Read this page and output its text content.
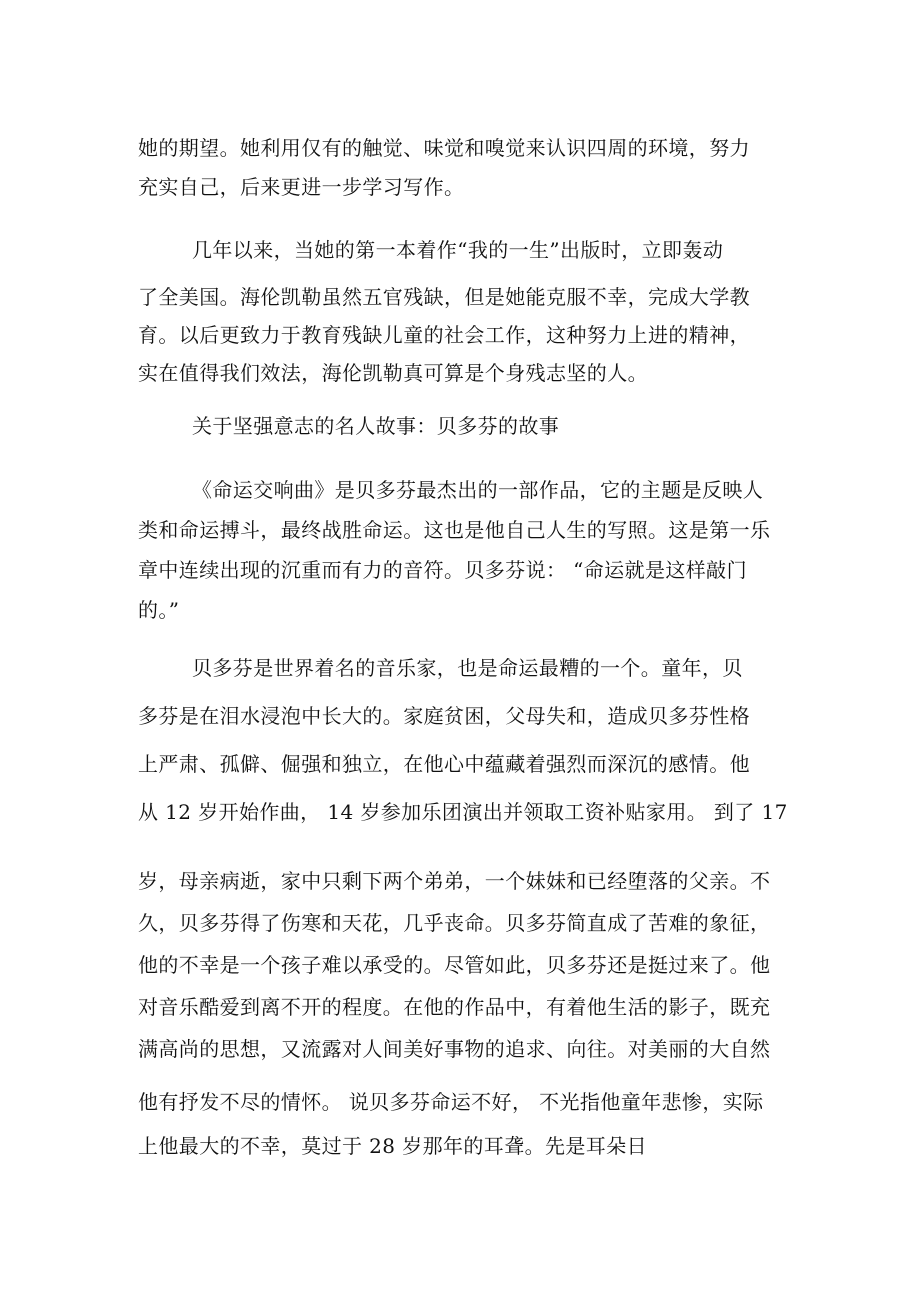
她的期望。她利用仅有的触觉、味觉和嗅觉来认识四周的环境，努力
充实自己，后来更进一步学习写作。
几年以来，当她的第一本着作“我的一生”出版时，立即轰动
了全美国。海伦凯勒虽然五官残缺，但是她能克服不幸，完成大学教
育。以后更致力于教育残缺儿童的社会工作，这种努力上进的精神，
实在值得我们效法，海伦凯勒真可算是个身残志坚的人。
关于坚强意志的名人故事：贝多芬的故事
《命运交响曲》是贝多芬最杰出的一部作品，它的主题是反映人
类和命运搏斗，最终战胜命运。这也是他自己人生的写照。这是第一乐
章中连续出现的沉重而有力的音符。贝多芬说： “命运就是这样敲门
的。”
贝多芬是世界着名的音乐家，也是命运最糟的一个。童年，贝
多芬是在泪水浸泡中长大的。家庭贫困，父母失和，造成贝多芬性格
上严肃、孤僻、倔强和独立，在他心中蕴藏着强烈而深沉的感情。他
从 12 岁开始作曲， 14 岁参加乐团演出并领取工资补贴家用。 到了 17
岁，母亲病逝，家中只剩下两个弟弟，一个妹妹和已经堕落的父亲。不
久，贝多芬得了伤寒和天花，几乎丧命。贝多芬简直成了苦难的象征，
他的不幸是一个孩子难以承受的。尽管如此，贝多芬还是挺过来了。他
对音乐酷爱到离不开的程度。在他的作品中，有着他生活的影子，既充
满高尚的思想，又流露对人间美好事物的追求、向往。对美丽的大自然
他有抒发不尽的情怀。 说贝多芬命运不好， 不光指他童年悲惨，实际
上他最大的不幸，莫过于 28 岁那年的耳聋。先是耳朵日
